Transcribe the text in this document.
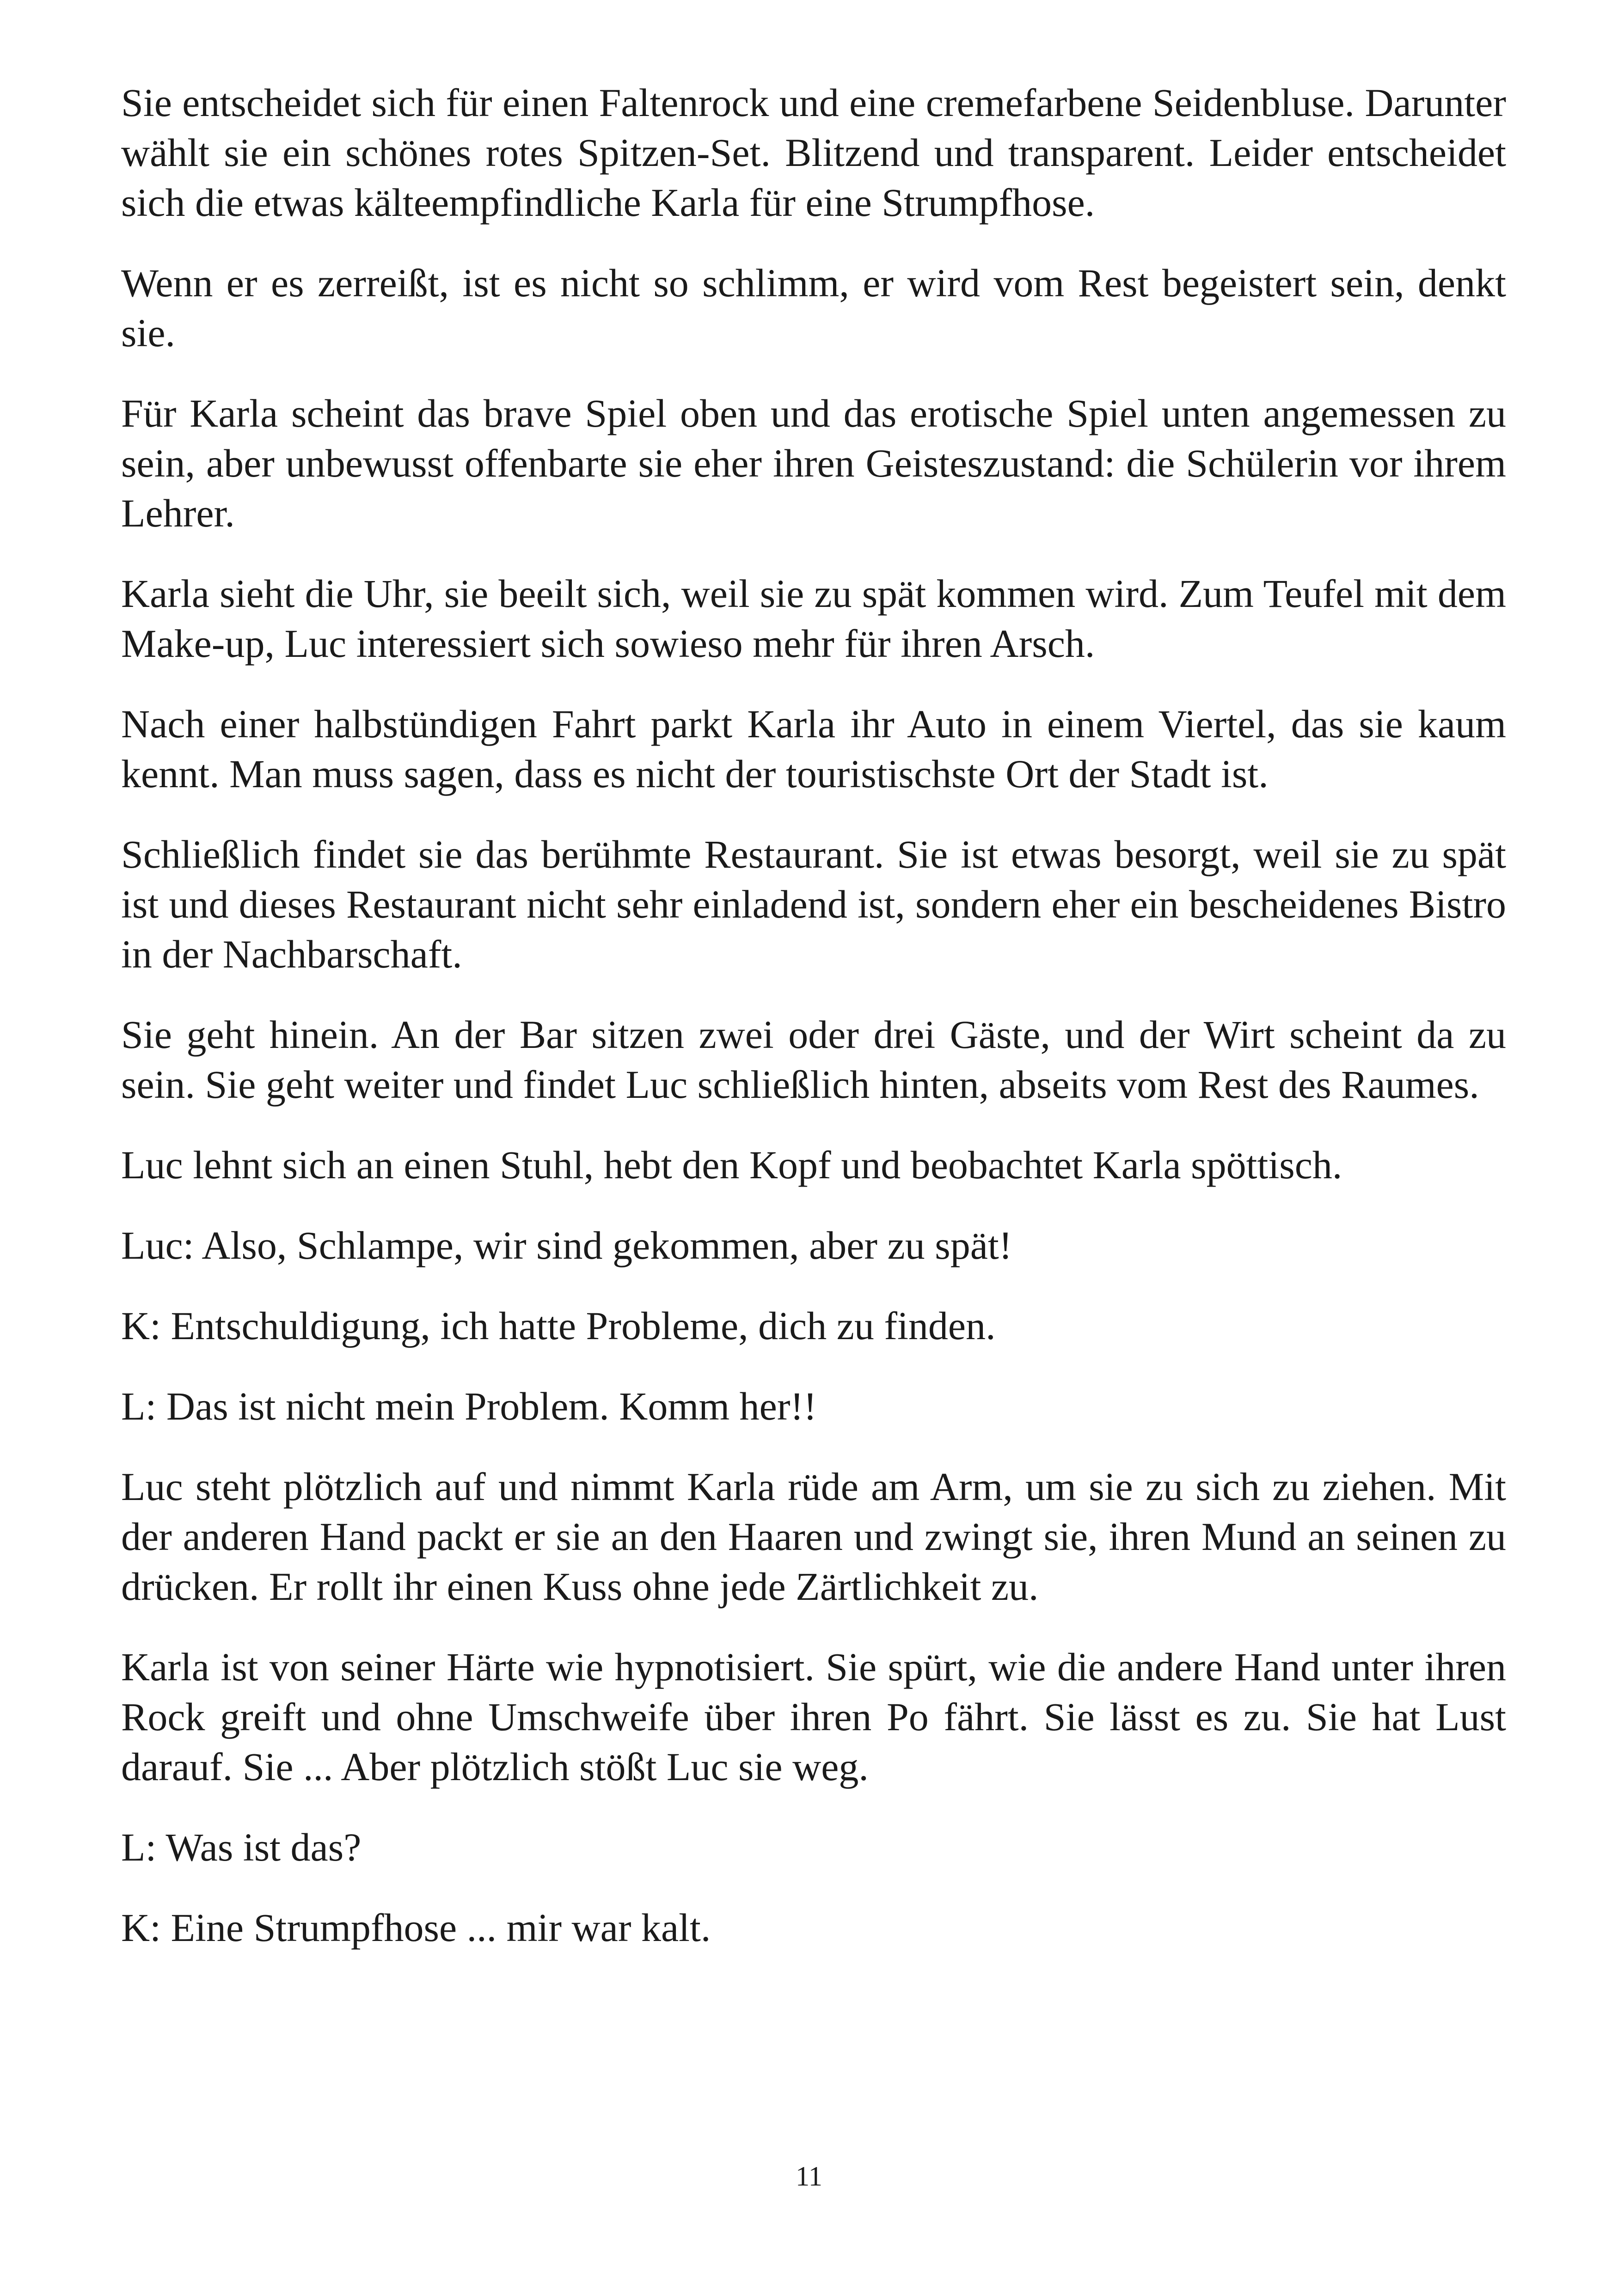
Sie entscheidet sich für einen Faltenrock und eine cremefarbene Seidenbluse. Darunter wählt sie ein schönes rotes Spitzen-Set. Blitzend und transparent. Leider entscheidet sich die etwas kälteempfindliche Karla für eine Strumpfhose.

Wenn er es zerreißt, ist es nicht so schlimm, er wird vom Rest begeistert sein, denkt sie.

Für Karla scheint das brave Spiel oben und das erotische Spiel unten angemessen zu sein, aber unbewusst offenbarte sie eher ihren Geisteszustand: die Schülerin vor ihrem Lehrer.

Karla sieht die Uhr, sie beeilt sich, weil sie zu spät kommen wird. Zum Teufel mit dem Make-up, Luc interessiert sich sowieso mehr für ihren Arsch.

Nach einer halbstündigen Fahrt parkt Karla ihr Auto in einem Viertel, das sie kaum kennt. Man muss sagen, dass es nicht der touristischste Ort der Stadt ist.

Schließlich findet sie das berühmte Restaurant. Sie ist etwas besorgt, weil sie zu spät ist und dieses Restaurant nicht sehr einladend ist, sondern eher ein bescheidenes Bistro in der Nachbarschaft.

Sie geht hinein. An der Bar sitzen zwei oder drei Gäste, und der Wirt scheint da zu sein. Sie geht weiter und findet Luc schließlich hinten, abseits vom Rest des Raumes.

Luc lehnt sich an einen Stuhl, hebt den Kopf und beobachtet Karla spöttisch.

Luc: Also, Schlampe, wir sind gekommen, aber zu spät!

K: Entschuldigung, ich hatte Probleme, dich zu finden.

L: Das ist nicht mein Problem. Komm her!!

Luc steht plötzlich auf und nimmt Karla rüde am Arm, um sie zu sich zu ziehen. Mit der anderen Hand packt er sie an den Haaren und zwingt sie, ihren Mund an seinen zu drücken. Er rollt ihr einen Kuss ohne jede Zärtlichkeit zu.

Karla ist von seiner Härte wie hypnotisiert. Sie spürt, wie die andere Hand unter ihren Rock greift und ohne Umschweife über ihren Po fährt. Sie lässt es zu. Sie hat Lust darauf. Sie ... Aber plötzlich stößt Luc sie weg.

L: Was ist das?

K: Eine Strumpfhose ... mir war kalt.

11
